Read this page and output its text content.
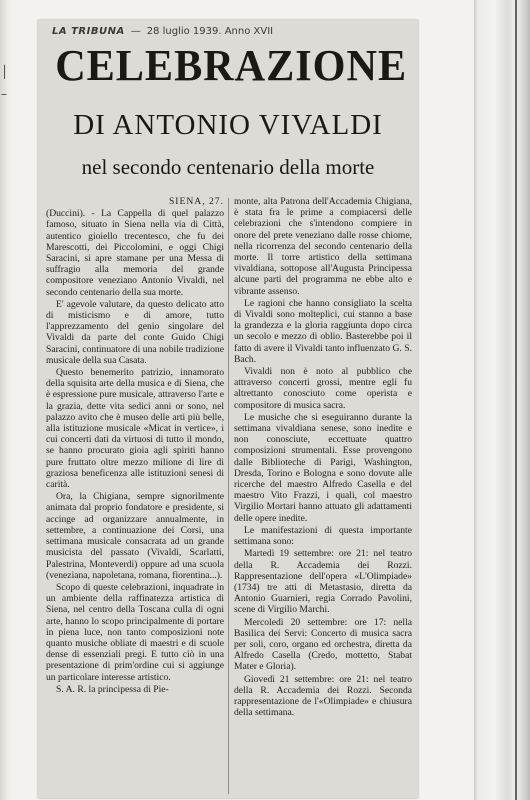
│
–
LA TRIBUNA — 28 luglio 1939. Anno XVII
CELEBRAZIONE
DI ANTONIO VIVALDI
nel secondo centenario della morte

SIENA, 27.

(Duccini). - La Cappella di quel palazzo famoso, situato in Siena nella via di Città, autentico gioiello trecentesco, che fu dei Marescotti, dei Piccolomini, e oggi Chigi Saracini, si apre stamane per una Messa di suffragio alla memoria del grande compositore veneziano Antonio Vivaldi, nel secondo centenario della sua morte.

E' agevole valutare, da questo delicato atto di misticismo e di amore, tutto l'apprezzamento del genio singolare del Vivaldi da parte del conte Guido Chigi Saracini, continuatore di una nobile tradizione musicale della sua Casata.

Questo benemerito patrizio, innamorato della squisita arte della musica e di Siena, che è espressione pure musicale, attraverso l'arte e la grazia, dette vita sedici anni or sono, nel palazzo avito che è museo delle arti più belle, alla istituzione musicale «Micat in vertice», i cui concerti dati da virtuosi di tutto il mondo, se hanno procurato gioia agli spiriti hanno pure fruttato oltre mezzo milione di lire di graziosa beneficenza alle istituzioni senesi di carità.

Ora, la Chigiana, sempre signorilmente animata dal proprio fondatore e presidente, si accinge ad organizzare annualmente, in settembre, a continuazione dei Corsi, una settimana musicale consacrata ad un grande musicista del passato (Vivaldi, Scarlatti, Palestrina, Monteverdi) oppure ad una scuola (veneziana, napoletana, romana, fiorentina...).

Scopo di queste celebrazioni, inquadrate in un ambiente della raffinatezza artistica di Siena, nel centro della Toscana culla di ogni arte, hanno lo scopo principalmente di portare in piena luce, non tanto composizioni note quanto musiche obliate di maestri e di scuole dense di essenziali pregi. E tutto ciò in una presentazione di prim'ordine cui si aggiunge un particolare interesse artistico.

S. A. R. la principessa di Pie-

monte, alta Patrona dell'Accademia Chigiana, è stata fra le prime a compiacersi delle celebrazioni che s'intendono compiere in onore del prete veneziano dalle rosse chiome, nella ricorrenza del secondo centenario della morte. Il torre artistico della settimana vivaldiana, sottopose all'Augusta Principessa alcune parti del programma ne ebbe alto e vibrante assenso.

Le ragioni che hanno consigliato la scelta di Vivaldi sono molteplici, cui stanno a base la grandezza e la gloria raggiunta dopo circa un secolo e mezzo di oblio. Basterebbe poi il fatto di avere il Vivaldi tanto influenzato G. S. Bach.

Vivaldi non è noto al pubblico che attraverso concerti grossi, mentre egli fu altrettanto conosciuto come operista e compositore di musica sacra.

Le musiche che si eseguiranno durante la settimana vivaldiana senese, sono inedite e non conosciute, eccettuate quattro composizioni strumentali. Esse provengono dalle Biblioteche di Parigi, Washington, Dresda, Torino e Bologna e sono dovute alle ricerche del maestro Alfredo Casella e del maestro Vito Frazzi, i quali, col maestro Virgilio Mortari hanno attuato gli adattamenti delle opere inedite.

Le manifestazioni di questa importante settimana sono:

Martedì 19 settembre: ore 21: nel teatro della R. Accademia dei Rozzi. Rappresentazione dell'opera «L'Olimpiade» (1734) tre atti di Metastasio, diretta da Antonio Guarnieri, regia Corrado Pavolini, scene di Virgilio Marchi.

Mercoledì 20 settembre: ore 17: nella Basilica dei Servi: Concerto di musica sacra per soli, coro, organo ed orchestra, diretta da Alfredo Casella (Credo, mottetto, Stabat Mater e Gloria).

Giovedì 21 settembre: ore 21: nel teatro della R. Accademia dei Rozzi. Seconda rappresentazione de l'«Olimpiade» e chiusura della settimana.
